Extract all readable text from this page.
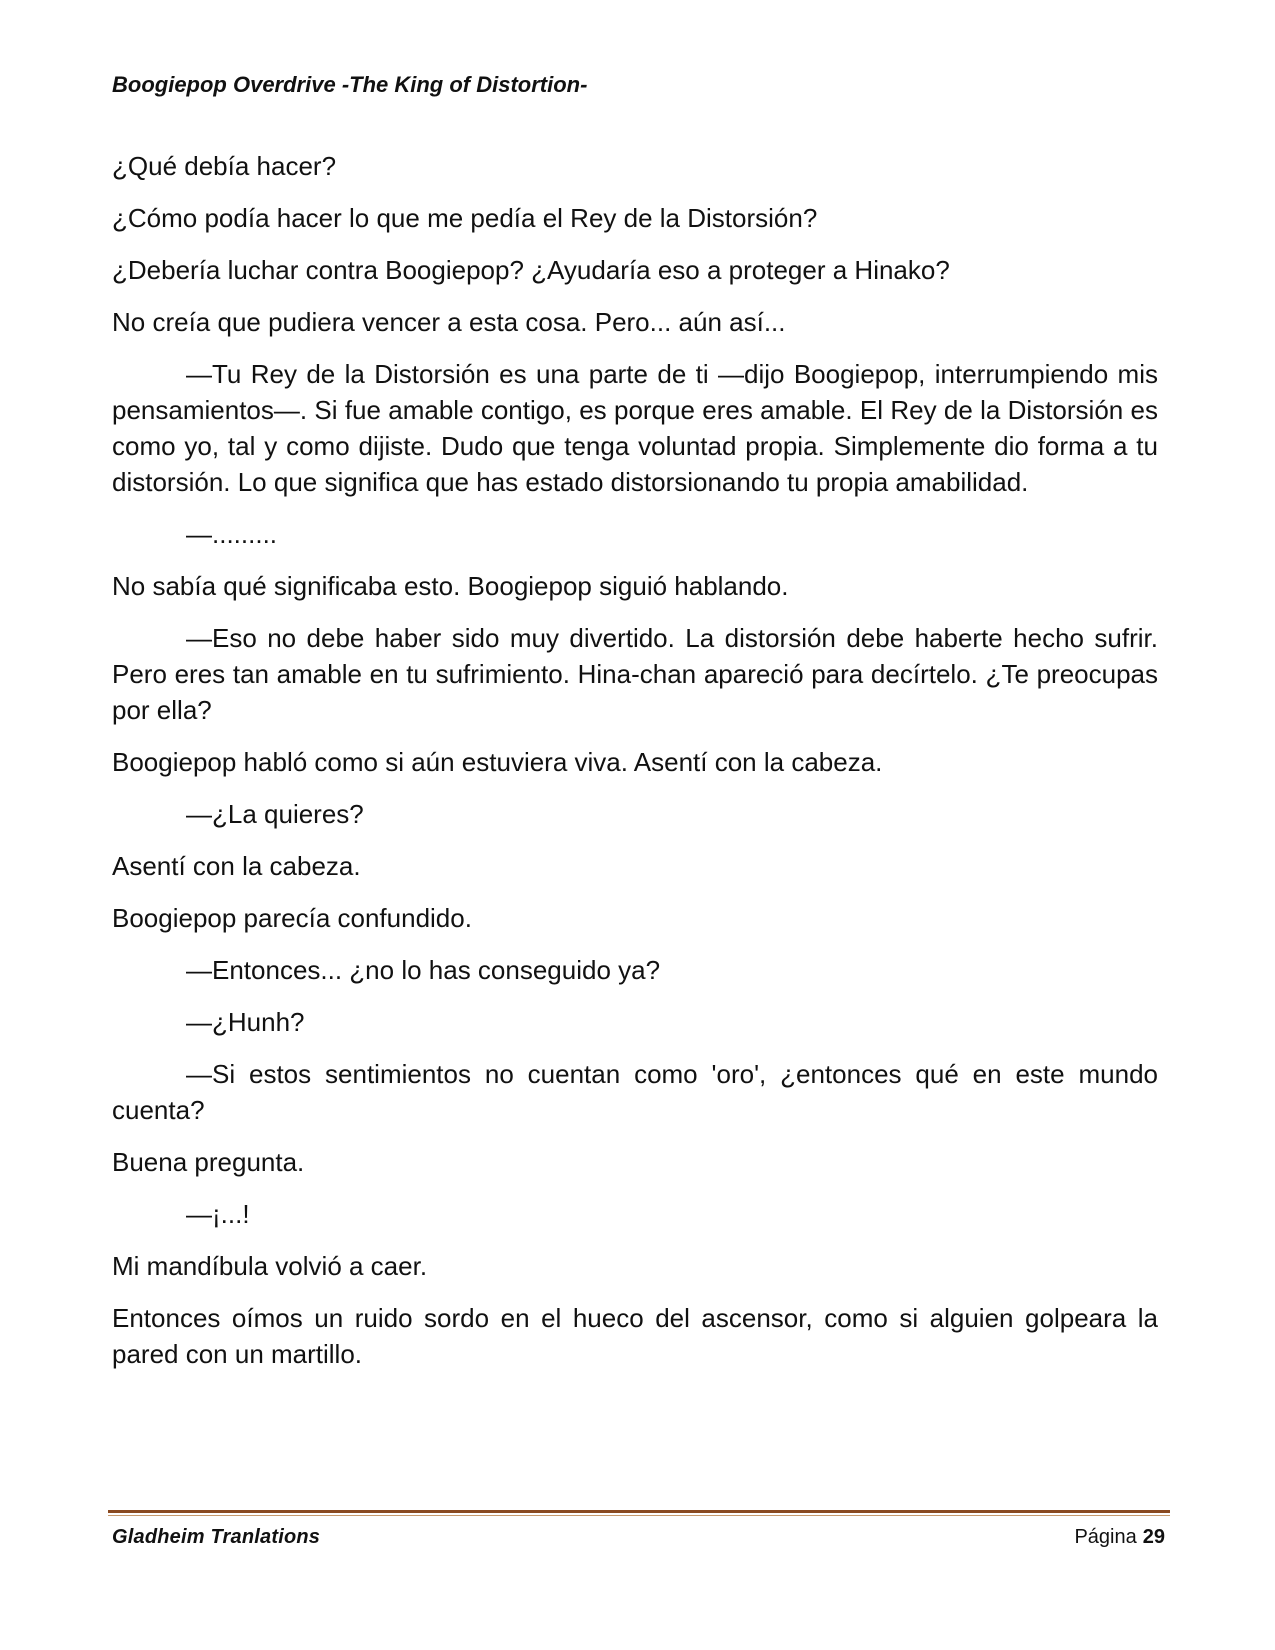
Boogiepop Overdrive -The King of Distortion-

¿Qué debía hacer?

¿Cómo podía hacer lo que me pedía el Rey de la Distorsión?

¿Debería luchar contra Boogiepop? ¿Ayudaría eso a proteger a Hinako?

No creía que pudiera vencer a esta cosa. Pero... aún así...

—Tu Rey de la Distorsión es una parte de ti —dijo Boogiepop, interrumpiendo mis pensamientos—. Si fue amable contigo, es porque eres amable. El Rey de la Distorsión es como yo, tal y como dijiste. Dudo que tenga voluntad propia. Simplemente dio forma a tu distorsión. Lo que significa que has estado distorsionando tu propia amabilidad.

—.........

No sabía qué significaba esto. Boogiepop siguió hablando.

—Eso no debe haber sido muy divertido. La distorsión debe haberte hecho sufrir. Pero eres tan amable en tu sufrimiento. Hina-chan apareció para decírtelo. ¿Te preocupas por ella?

Boogiepop habló como si aún estuviera viva. Asentí con la cabeza.

—¿La quieres?

Asentí con la cabeza.

Boogiepop parecía confundido.

—Entonces... ¿no lo has conseguido ya?

—¿Hunh?

—Si estos sentimientos no cuentan como 'oro', ¿entonces qué en este mundo cuenta?

Buena pregunta.

—¡...!

Mi mandíbula volvió a caer.

Entonces oímos un ruido sordo en el hueco del ascensor, como si alguien golpeara la pared con un martillo.

Gladheim Tranlations	Página 29
